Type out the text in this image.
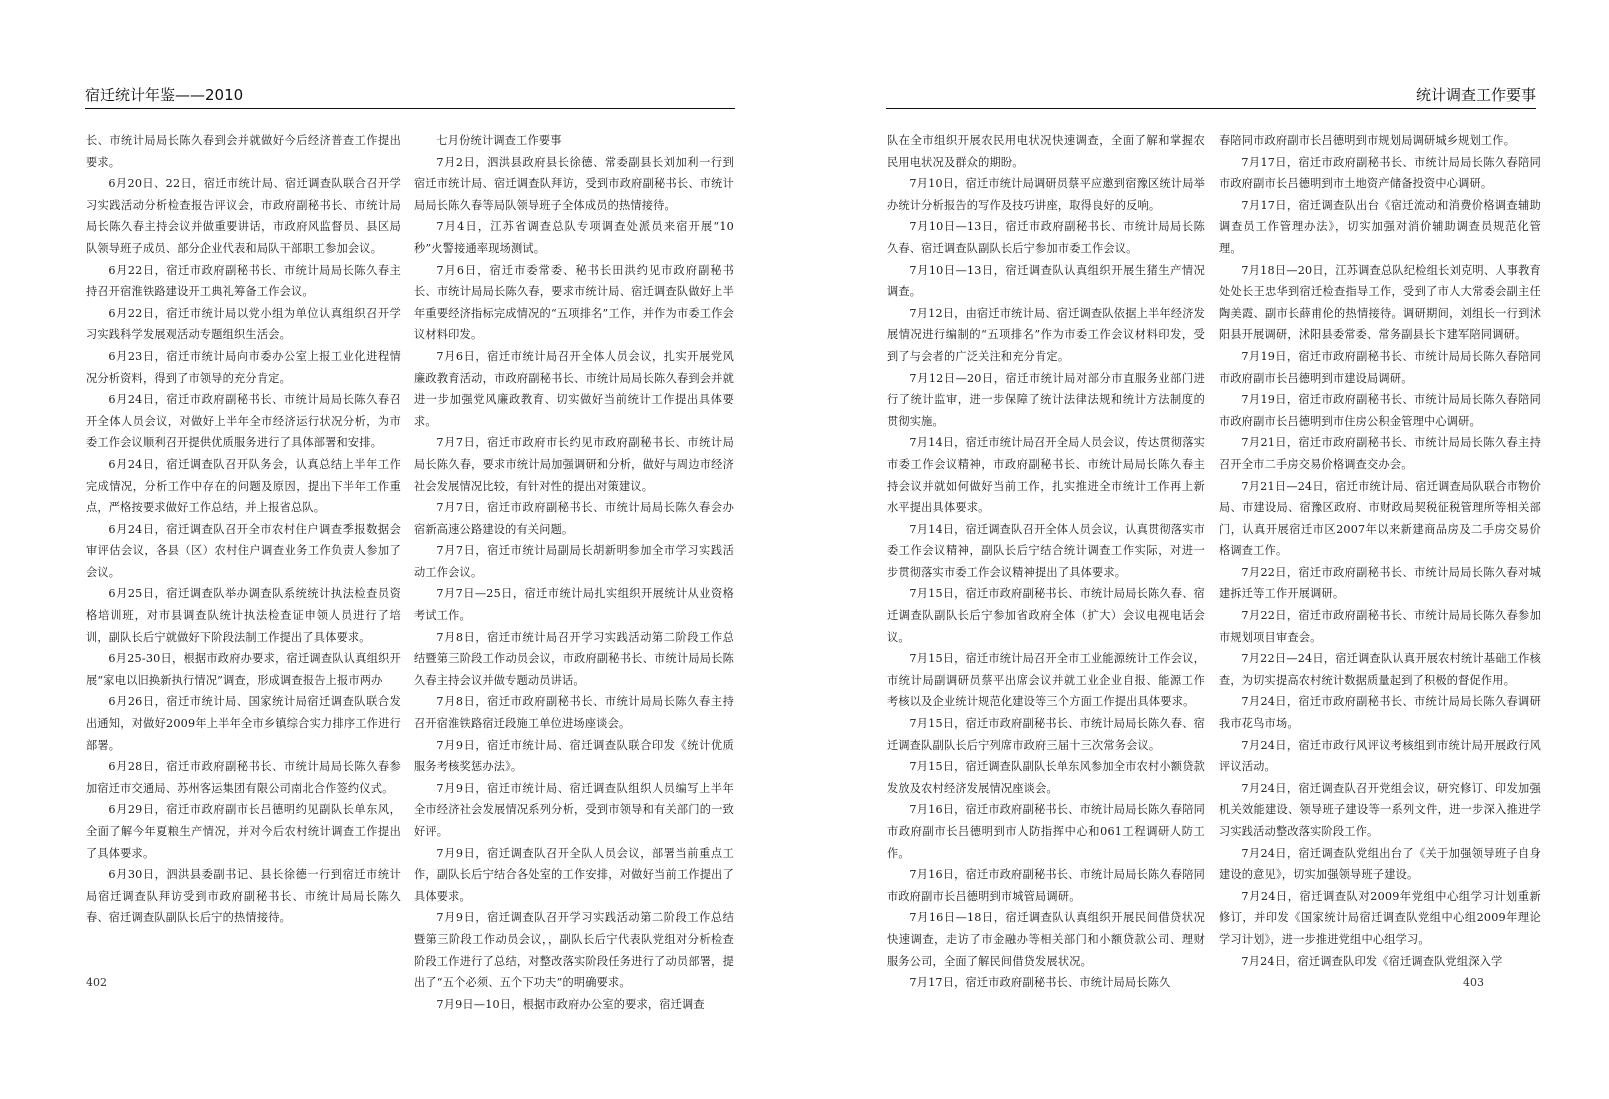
宿迁统计年鉴——2010

长、市统计局局长陈久春到会并就做好今后经济普查工作提出要求。

6月20日、22日，宿迁市统计局、宿迁调查队联合召开学习实践活动分析检查报告评议会，市政府副秘书长、市统计局局长陈久春主持会议并做重要讲话，市政府风监督员、县区局队领导班子成员、部分企业代表和局队干部职工参加会议。

6月22日，宿迁市政府副秘书长、市统计局局长陈久春主持召开宿淮铁路建设开工典礼筹备工作会议。

6月22日，宿迁市统计局以党小组为单位认真组织召开学习实践科学发展观活动专题组织生活会。

6月23日，宿迁市统计局向市委办公室上报工业化进程情况分析资料，得到了市领导的充分肯定。

6月24日，宿迁市政府副秘书长、市统计局局长陈久春召开全体人员会议，对做好上半年全市经济运行状况分析，为市委工作会议顺利召开提供优质服务进行了具体部署和安排。

6月24日，宿迁调查队召开队务会，认真总结上半年工作完成情况，分析工作中存在的问题及原因，提出下半年工作重点，严格按要求做好工作总结，并上报省总队。

6月24日，宿迁调查队召开全市农村住户调查季报数据会审评估会议，各县（区）农村住户调查业务工作负责人参加了会议。

6月25日，宿迁调查队举办调查队系统统计执法检查员资格培训班，对市县调查队统计执法检查证申领人员进行了培训，副队长后宁就做好下阶段法制工作提出了具体要求。

6月25-30日，根据市政府办要求，宿迁调查队认真组织开展“家电以旧换新执行情况”调查，形成调查报告上报市两办

6月26日，宿迁市统计局、国家统计局宿迁调查队联合发出通知，对做好2009年上半年全市乡镇综合实力排序工作进行部署。

6月28日，宿迁市政府副秘书长、市统计局局长陈久春参加宿迁市交通局、苏州客运集团有限公司南北合作签约仪式。

6月29日，宿迁市政府副市长吕德明约见副队长单东风，全面了解今年夏粮生产情况，并对今后农村统计调查工作提出了具体要求。

6月30日，泗洪县委副书记、县长徐德一行到宿迁市统计局宿迁调查队拜访受到市政府副秘书长、市统计局局长陈久春、宿迁调查队副队长后宁的热情接待。

七月份统计调查工作要事

7月2日，泗洪县政府县长徐德、常委副县长刘加利一行到宿迁市统计局、宿迁调查队拜访，受到市政府副秘书长、市统计局局长陈久春等局队领导班子全体成员的热情接待。

7月4日，江苏省调查总队专项调查处派员来宿开展“10秒”火警接通率现场测试。

7月6日，宿迁市委常委、秘书长田洪约见市政府副秘书长、市统计局局长陈久春，要求市统计局、宿迁调查队做好上半年重要经济指标完成情况的“五项排名”工作，并作为市委工作会议材料印发。

7月6日，宿迁市统计局召开全体人员会议，扎实开展党风廉政教育活动，市政府副秘书长、市统计局局长陈久春到会并就进一步加强党风廉政教育、切实做好当前统计工作提出具体要求。

7月7日，宿迁市政府市长约见市政府副秘书长、市统计局局长陈久春，要求市统计局加强调研和分析，做好与周边市经济社会发展情况比较，有针对性的提出对策建议。

7月7日，宿迁市政府副秘书长、市统计局局长陈久春会办宿新高速公路建设的有关问题。

7月7日，宿迁市统计局副局长胡新明参加全市学习实践活动工作会议。

7月7日—25日，宿迁市统计局扎实组织开展统计从业资格考试工作。

7月8日，宿迁市统计局召开学习实践活动第二阶段工作总结暨第三阶段工作动员会议，市政府副秘书长、市统计局局长陈久春主持会议并做专题动员讲话。

7月8日，宿迁市政府副秘书长、市统计局局长陈久春主持召开宿淮铁路宿迁段施工单位进场座谈会。

7月9日，宿迁市统计局、宿迁调查队联合印发《统计优质服务考核奖惩办法》。

7月9日，宿迁市统计局、宿迁调查队组织人员编写上半年全市经济社会发展情况系列分析，受到市领导和有关部门的一致好评。

7月9日，宿迁调查队召开全队人员会议，部署当前重点工作，副队长后宁结合各处室的工作安排，对做好当前工作提出了具体要求。

7月9日，宿迁调查队召开学习实践活动第二阶段工作总结暨第三阶段工作动员会议，，副队长后宁代表队党组对分析检查阶段工作进行了总结，对整改落实阶段任务进行了动员部署，提出了“五个必须、五个下功夫”的明确要求。

7月9日—10日，根据市政府办公室的要求，宿迁调查

402
统计调查工作要事

队在全市组织开展农民用电状况快速调查，全面了解和掌握农民用电状况及群众的期盼。

7月10日，宿迁市统计局调研员蔡平应邀到宿豫区统计局举办统计分析报告的写作及技巧讲座，取得良好的反响。

7月10日—13日，宿迁市政府副秘书长、市统计局局长陈久春、宿迁调查队副队长后宁参加市委工作会议。

7月10日—13日，宿迁调查队认真组织开展生猪生产情况调查。

7月12日，由宿迁市统计局、宿迁调查队依据上半年经济发展情况进行编制的“五项排名”作为市委工作会议材料印发，受到了与会者的广泛关注和充分肯定。

7月12日—20日，宿迁市统计局对部分市直服务业部门进行了统计监审，进一步保障了统计法律法规和统计方法制度的贯彻实施。

7月14日，宿迁市统计局召开全局人员会议，传达贯彻落实市委工作会议精神，市政府副秘书长、市统计局局长陈久春主持会议并就如何做好当前工作，扎实推进全市统计工作再上新水平提出具体要求。

7月14日，宿迁调查队召开全体人员会议，认真贯彻落实市委工作会议精神，副队长后宁结合统计调查工作实际，对进一步贯彻落实市委工作会议精神提出了具体要求。

7月15日，宿迁市政府副秘书长、市统计局局长陈久春、宿迁调查队副队长后宁参加省政府全体（扩大）会议电视电话会议。

7月15日，宿迁市统计局召开全市工业能源统计工作会议，市统计局副调研员蔡平出席会议并就工业企业自报、能源工作考核以及企业统计规范化建设等三个方面工作提出具体要求。

7月15日，宿迁市政府副秘书长、市统计局局长陈久春、宿迁调查队副队长后宁列席市政府三届十三次常务会议。

7月15日，宿迁调查队副队长单东风参加全市农村小额贷款发放及农村经济发展情况座谈会。

7月16日，宿迁市政府副秘书长、市统计局局长陈久春陪同市政府副市长吕德明到市人防指挥中心和061工程调研人防工作。

7月16日，宿迁市政府副秘书长、市统计局局长陈久春陪同市政府副市长吕德明到市城管局调研。

7月16日—18日，宿迁调查队认真组织开展民间借贷状况快速调查，走访了市金融办等相关部门和小额贷款公司、理财服务公司，全面了解民间借贷发展状况。

7月17日，宿迁市政府副秘书长、市统计局局长陈久

春陪同市政府副市长吕德明到市规划局调研城乡规划工作。

7月17日，宿迁市政府副秘书长、市统计局局长陈久春陪同市政府副市长吕德明到市土地资产储备投资中心调研。

7月17日，宿迁调查队出台《宿迁流动和消费价格调查辅助调查员工作管理办法》，切实加强对消价辅助调查员规范化管理。

7月18日—20日，江苏调查总队纪检组长刘克明、人事教育处处长王忠华到宿迁检查指导工作，受到了市人大常委会副主任陶美霞、副市长薛甫伦的热情接待。调研期间，刘组长一行到沭阳县开展调研，沭阳县委常委、常务副县长卞建军陪同调研。

7月19日，宿迁市政府副秘书长、市统计局局长陈久春陪同市政府副市长吕德明到市建设局调研。

7月19日，宿迁市政府副秘书长、市统计局局长陈久春陪同市政府副市长吕德明到市住房公积金管理中心调研。

7月21日，宿迁市政府副秘书长、市统计局局长陈久春主持召开全市二手房交易价格调查交办会。

7月21日—24日，宿迁市统计局、宿迁调查局队联合市物价局、市建设局、宿豫区政府、市财政局契税征税管理所等相关部门，认真开展宿迁市区2007年以来新建商品房及二手房交易价格调查工作。

7月22日，宿迁市政府副秘书长、市统计局局长陈久春对城建拆迁等工作开展调研。

7月22日，宿迁市政府副秘书长、市统计局局长陈久春参加市规划项目审查会。

7月22日—24日，宿迁调查队认真开展农村统计基础工作核查，为切实提高农村统计数据质量起到了积极的督促作用。

7月24日，宿迁市政府副秘书长、市统计局局长陈久春调研我市花鸟市场。

7月24日，宿迁市政行风评议考核组到市统计局开展政行风评议活动。

7月24日，宿迁调查队召开党组会议，研究修订、印发加强机关效能建设、领导班子建设等一系列文件，进一步深入推进学习实践活动整改落实阶段工作。

7月24日，宿迁调查队党组出台了《关于加强领导班子自身建设的意见》，切实加强领导班子建设。

7月24日，宿迁调查队对2009年党组中心组学习计划重新修订，并印发《国家统计局宿迁调查队党组中心组2009年理论学习计划》，进一步推进党组中心组学习。

7月24日，宿迁调查队印发《宿迁调查队党组深入学

403
